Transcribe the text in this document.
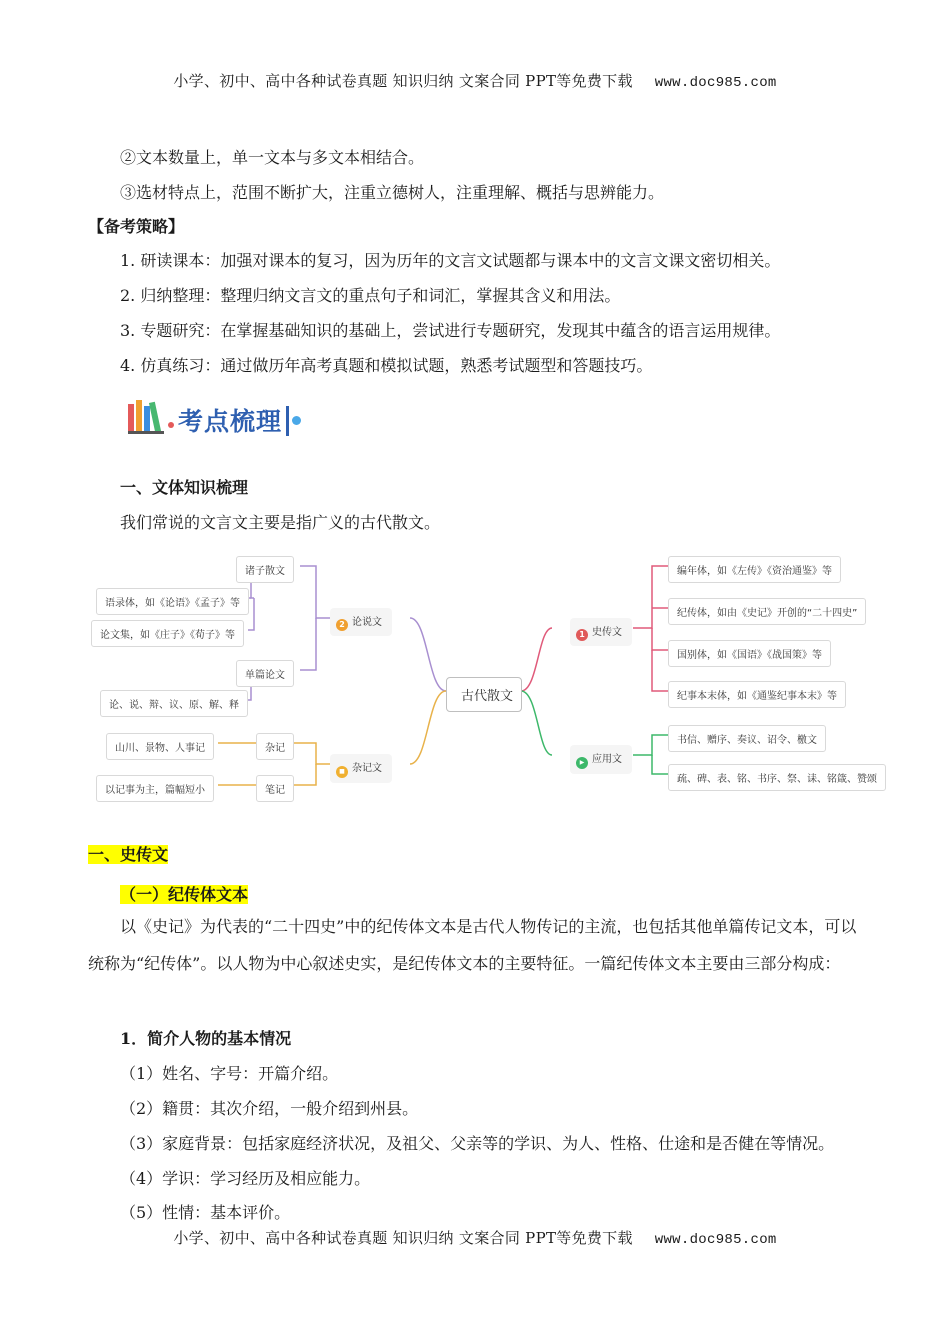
小学、初中、高中各种试卷真题 知识归纳 文案合同 PPT等免费下载 www.doc985.com
②文本数量上，单一文本与多文本相结合。
③选材特点上，范围不断扩大，注重立德树人，注重理解、概括与思辨能力。
【备考策略】
1. 研读课本：加强对课本的复习，因为历年的文言文试题都与课本中的文言文课文密切相关。
2. 归纳整理：整理归纳文言文的重点句子和词汇，掌握其含义和用法。
3. 专题研究：在掌握基础知识的基础上，尝试进行专题研究，发现其中蕴含的语言运用规律。
4. 仿真练习：通过做历年高考真题和模拟试题，熟悉考试题型和答题技巧。
考点梳理
一、文体知识梳理
我们常说的文言文主要是指广义的古代散文。
古代散文
2 论说文
诸子散文
语录体，如《论语》《孟子》等
论文集，如《庄子》《荀子》等
单篇论文
论、说、辩、议、原、解、释
■ 杂记文
杂记
山川、景物、人事记
笔记
以记事为主，篇幅短小
1 史传文
编年体，如《左传》《资治通鉴》等
纪传体，如由《史记》开创的“二十四史”
国别体，如《国语》《战国策》等
纪事本末体，如《通鉴纪事本末》等
▶ 应用文
书信、赠序、奏议、诏令、檄文
疏、碑、表、铭、书序、祭、诔、铭箴、赞颂
一、史传文
（一）纪传体文本
以《史记》为代表的“二十四史”中的纪传体文本是古代人物传记的主流，也包括其他单篇传记文本，可以统称为“纪传体”。以人物为中心叙述史实，是纪传体文本的主要特征。一篇纪传体文本主要由三部分构成：
1．简介人物的基本情况
（1）姓名、字号：开篇介绍。
（2）籍贯：其次介绍，一般介绍到州县。
（3）家庭背景：包括家庭经济状况，及祖父、父亲等的学识、为人、性格、仕途和是否健在等情况。
（4）学识：学习经历及相应能力。
（5）性情：基本评价。
小学、初中、高中各种试卷真题 知识归纳 文案合同 PPT等免费下载 www.doc985.com
